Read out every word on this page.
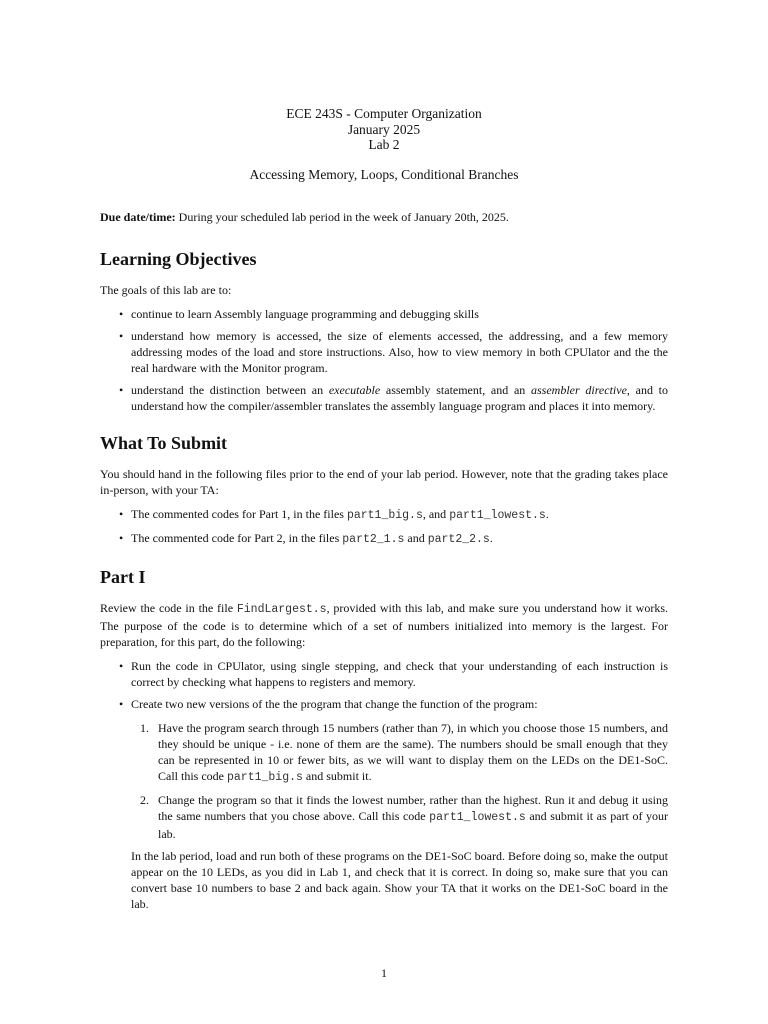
ECE 243S - Computer Organization
January 2025
Lab 2
Accessing Memory, Loops, Conditional Branches

Due date/time: During your scheduled lab period in the week of January 20th, 2025.

Learning Objectives

The goals of this lab are to:

• continue to learn Assembly language programming and debugging skills
• understand how memory is accessed, the size of elements accessed, the addressing, and a few memory addressing modes of the load and store instructions. Also, how to view memory in both CPUlator and the the real hardware with the Monitor program.
• understand the distinction between an executable assembly statement, and an assembler directive, and to understand how the compiler/assembler translates the assembly language program and places it into memory.
What To Submit

You should hand in the following files prior to the end of your lab period. However, note that the grading takes place in-person, with your TA:

• The commented codes for Part 1, in the files part1_big.s, and part1_lowest.s.
• The commented code for Part 2, in the files part2_1.s and part2_2.s.
Part I

Review the code in the file FindLargest.s, provided with this lab, and make sure you understand how it works. The purpose of the code is to determine which of a set of numbers initialized into memory is the largest. For preparation, for this part, do the following:

• Run the code in CPUlator, using single stepping, and check that your understanding of each instruction is correct by checking what happens to registers and memory.
• Create two new versions of the the program that change the function of the program:
1. Have the program search through 15 numbers (rather than 7), in which you choose those 15 numbers, and they should be unique - i.e. none of them are the same). The numbers should be small enough that they can be represented in 10 or fewer bits, as we will want to display them on the LEDs on the DE1-SoC. Call this code part1_big.s and submit it.
2. Change the program so that it finds the lowest number, rather than the highest. Run it and debug it using the same numbers that you chose above. Call this code part1_lowest.s and submit it as part of your lab.

In the lab period, load and run both of these programs on the DE1-SoC board. Before doing so, make the output appear on the 10 LEDs, as you did in Lab 1, and check that it is correct. In doing so, make sure that you can convert base 10 numbers to base 2 and back again. Show your TA that it works on the DE1-SoC board in the lab.

1
